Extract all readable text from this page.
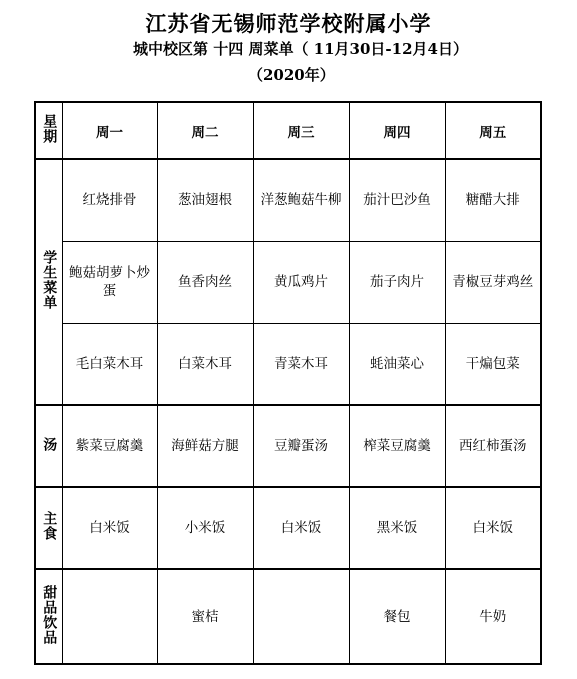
江苏省无锡师范学校附属小学
城中校区第 十四 周菜单（ 11月30日-12月4日）
（2020年）
星期	周一	周二	周三	周四	周五
学生菜单	红烧排骨	葱油翅根	洋葱鲍菇牛柳	茄汁巴沙鱼	糖醋大排

	鲍菇胡萝卜炒蛋	鱼香肉丝	黄瓜鸡片	茄子肉片	青椒豆芽鸡丝

	毛白菜木耳	白菜木耳	青菜木耳	蚝油菜心	干煸包菜

汤	紫菜豆腐羹	海鲜菇方腿	豆瓣蛋汤	榨菜豆腐羹	西红柿蛋汤

主食	白米饭	小米饭	白米饭	黑米饭	白米饭

甜品饮品		蜜桔		餐包	牛奶
